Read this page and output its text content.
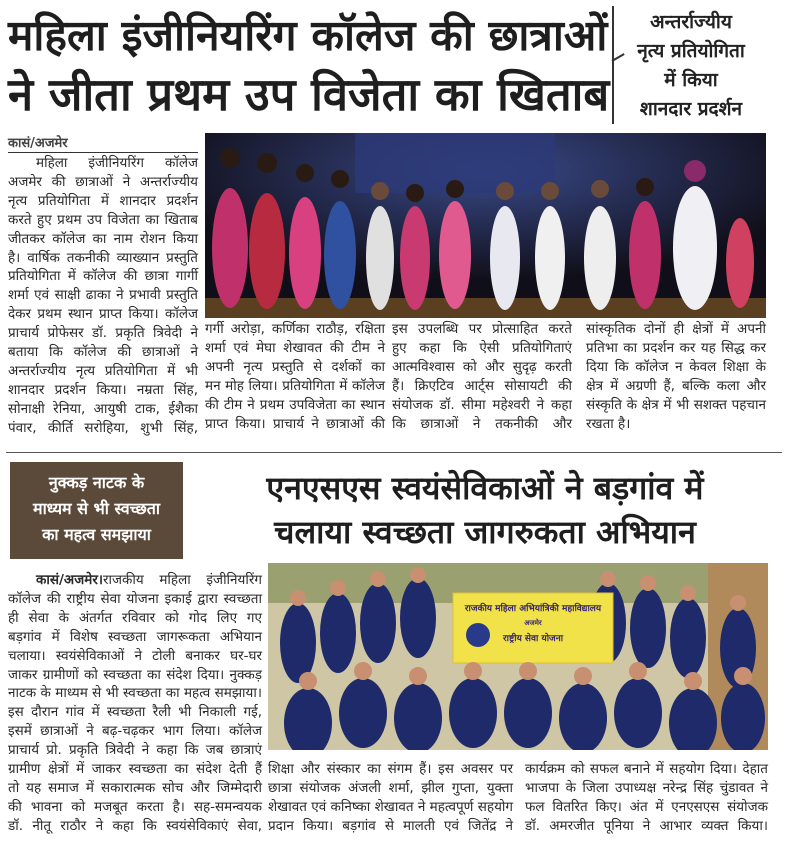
महिला इंजीनियरिंग कॉलेज की छात्राओं
ने जीता प्रथम उप विजेता का खिताब
अन्तर्राज्यीय
नृत्य प्रतियोगिता
में किया
शानदार प्रदर्शन
कासं/अजमेर
महिला इंजीनियरिंग कॉलेज
अजमेर की छात्राओं ने अन्तर्राज्यीय
नृत्य प्रतियोगिता में शानदार प्रदर्शन
करते हुए प्रथम उप विजेता का खिताब
जीतकर कॉलेज का नाम रोशन किया
है। वार्षिक तकनीकी व्याख्यान प्रस्तुति
प्रतियोगिता में कॉलेज की छात्रा गार्गी
शर्मा एवं साक्षी ढाका ने प्रभावी प्रस्तुति
देकर प्रथम स्थान प्राप्त किया। कॉलेज
प्राचार्य प्रोफेसर डॉ. प्रकृति त्रिवेदी ने
बताया कि कॉलेज की छात्राओं ने
अन्तर्राज्यीय नृत्य प्रतियोगिता में भी
शानदार प्रदर्शन किया। नम्रता सिंह,
सोनाक्षी रेनिया, आयुषी टाक, ईशैका
पंवार, कीर्ति सरोहिया, शुभी सिंह,
गर्गी अरोड़ा, कर्णिका राठौड़, रक्षिता
शर्मा एवं मेघा शेखावत की टीम ने
अपनी नृत्य प्रस्तुति से दर्शकों का
मन मोह लिया। प्रतियोगिता में कॉलेज
की टीम ने प्रथम उपविजेता का स्थान
प्राप्त किया। प्राचार्य ने छात्राओं की
इस उपलब्धि पर प्रोत्साहित करते
हुए कहा कि ऐसी प्रतियोगिताएं
आत्मविश्वास को और सुदृढ़ करती
हैं। क्रिएटिव आर्ट्स सोसायटी की
संयोजक डॉ. सीमा महेश्वरी ने कहा
कि छात्राओं ने तकनीकी और
सांस्कृतिक दोनों ही क्षेत्रों में अपनी
प्रतिभा का प्रदर्शन कर यह सिद्ध कर
दिया कि कॉलेज न केवल शिक्षा के
क्षेत्र में अग्रणी हैं, बल्कि कला और
संस्कृति के क्षेत्र में भी सशक्त पहचान
रखता है।
नुक्कड़ नाटक के
माध्यम से भी स्वच्छता
का महत्व समझाया
एनएसएस स्वयंसेविकाओं ने बड़गांव में
चलाया स्वच्छता जागरुकता अभियान
कासं/अजमेर।राजकीय महिला इंजीनियरिंग
कॉलेज की राष्ट्रीय सेवा योजना इकाई द्वारा स्वच्छता
ही सेवा के अंतर्गत रविवार को गोद लिए गए
बड़गांव में विशेष स्वच्छता जागरूकता अभियान
चलाया। स्वयंसेविकाओं ने टोली बनाकर घर-घर
जाकर ग्रामीणों को स्वच्छता का संदेश दिया। नुक्कड़
नाटक के माध्यम से भी स्वच्छता का महत्व समझाया।
इस दौरान गांव में स्वच्छता रैली भी निकाली गई,
इसमें छात्राओं ने बढ़-चढ़कर भाग लिया। कॉलेज
प्राचार्य प्रो. प्रकृति त्रिवेदी ने कहा कि जब छात्राएं
ग्रामीण क्षेत्रों में जाकर स्वच्छता का संदेश देती हैं
तो यह समाज में सकारात्मक सोच और जिम्मेदारी
की भावना को मजबूत करता है। सह-समन्वयक
डॉ. नीतू राठौर ने कहा कि स्वयंसेविकाएं सेवा,
राजकीय महिला अभियांत्रिकी महाविद्यालय
अजमेर
राष्ट्रीय सेवा योजना
शिक्षा और संस्कार का संगम हैं। इस अवसर पर
छात्रा संयोजक अंजली शर्मा, झील गुप्ता, युक्ता
शेखावत एवं कनिष्का शेखावत ने महत्वपूर्ण सहयोग
प्रदान किया। बड़गांव से मालती एवं जितेंद्र ने
कार्यक्रम को सफल बनाने में सहयोग दिया। देहात
भाजपा के जिला उपाध्यक्ष नरेन्द्र सिंह चुंडावत ने
फल वितरित किए। अंत में एनएसएस संयोजक
डॉ. अमरजीत पूनिया ने आभार व्यक्त किया।
